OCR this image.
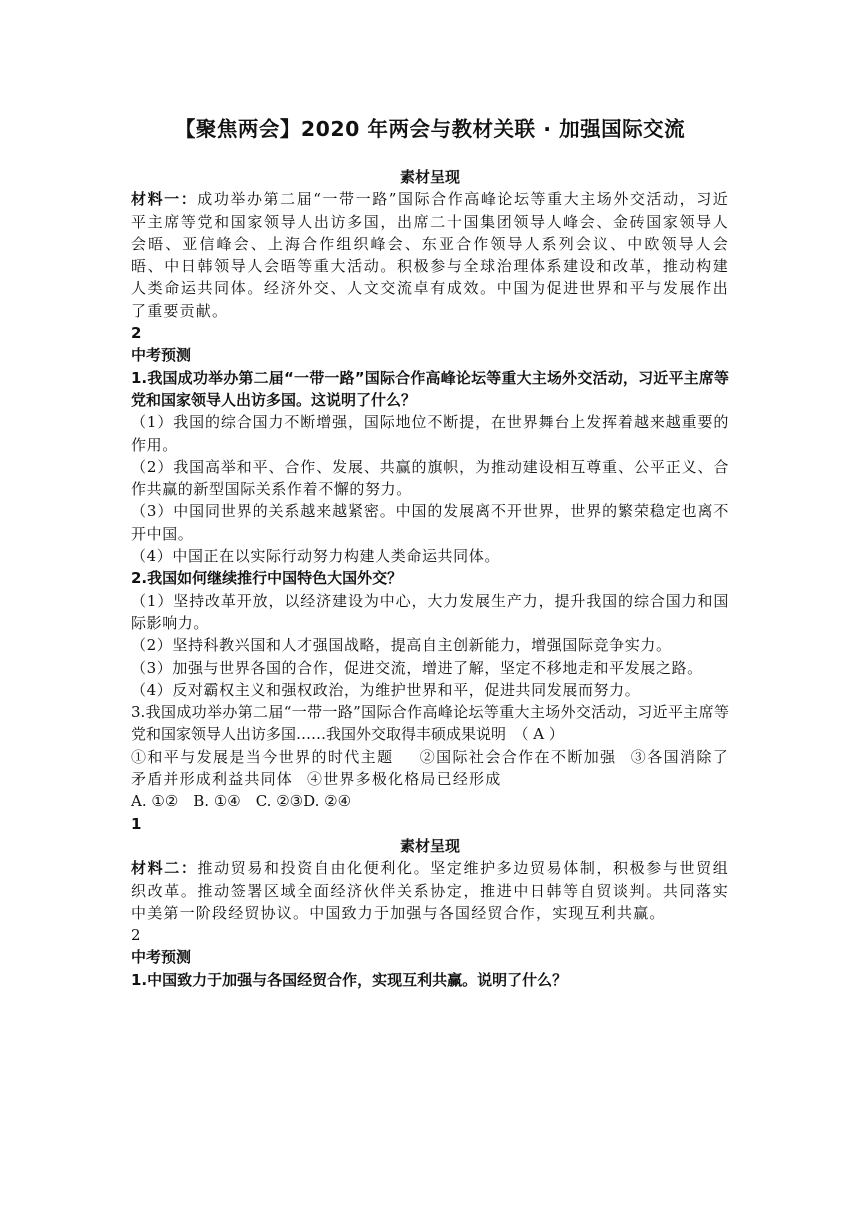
【聚焦两会】2020 年两会与教材关联 · 加强国际交流

素材呈现

材料一：成功举办第二届“一带一路”国际合作高峰论坛等重大主场外交活动，习近平主席等党和国家领导人出访多国，出席二十国集团领导人峰会、金砖国家领导人会晤、亚信峰会、上海合作组织峰会、东亚合作领导人系列会议、中欧领导人会晤、中日韩领导人会晤等重大活动。积极参与全球治理体系建设和改革，推动构建人类命运共同体。经济外交、人文交流卓有成效。中国为促进世界和平与发展作出了重要贡献。

2

中考预测

1.我国成功举办第二届“一带一路”国际合作高峰论坛等重大主场外交活动，习近平主席等党和国家领导人出访多国。这说明了什么？

（1）我国的综合国力不断增强，国际地位不断提，在世界舞台上发挥着越来越重要的作用。

（2）我国高举和平、合作、发展、共赢的旗帜，为推动建设相互尊重、公平正义、合作共赢的新型国际关系作着不懈的努力。

（3）中国同世界的关系越来越紧密。中国的发展离不开世界，世界的繁荣稳定也离不开中国。

（4）中国正在以实际行动努力构建人类命运共同体。

2.我国如何继续推行中国特色大国外交？

（1）坚持改革开放，以经济建设为中心，大力发展生产力，提升我国的综合国力和国际影响力。

（2）坚持科教兴国和人才强国战略，提高自主创新能力，增强国际竞争实力。

（3）加强与世界各国的合作，促进交流，增进了解，坚定不移地走和平发展之路。

（4）反对霸权主义和强权政治，为维护世界和平，促进共同发展而努力。

3.我国成功举办第二届“一带一路”国际合作高峰论坛等重大主场外交活动，习近平主席等党和国家领导人出访多国……我国外交取得丰硕成果说明　（ A ）

①和平与发展是当今世界的时代主题 ②国际社会合作在不断加强 ③各国消除了矛盾并形成利益共同体 ④世界多极化格局已经形成

A. ①②　B. ①④　C. ②③D. ②④

1

素材呈现

材料二：推动贸易和投资自由化便利化。坚定维护多边贸易体制，积极参与世贸组织改革。推动签署区域全面经济伙伴关系协定，推进中日韩等自贸谈判。共同落实中美第一阶段经贸协议。中国致力于加强与各国经贸合作，实现互利共赢。

2

中考预测

1.中国致力于加强与各国经贸合作，实现互利共赢。说明了什么？
